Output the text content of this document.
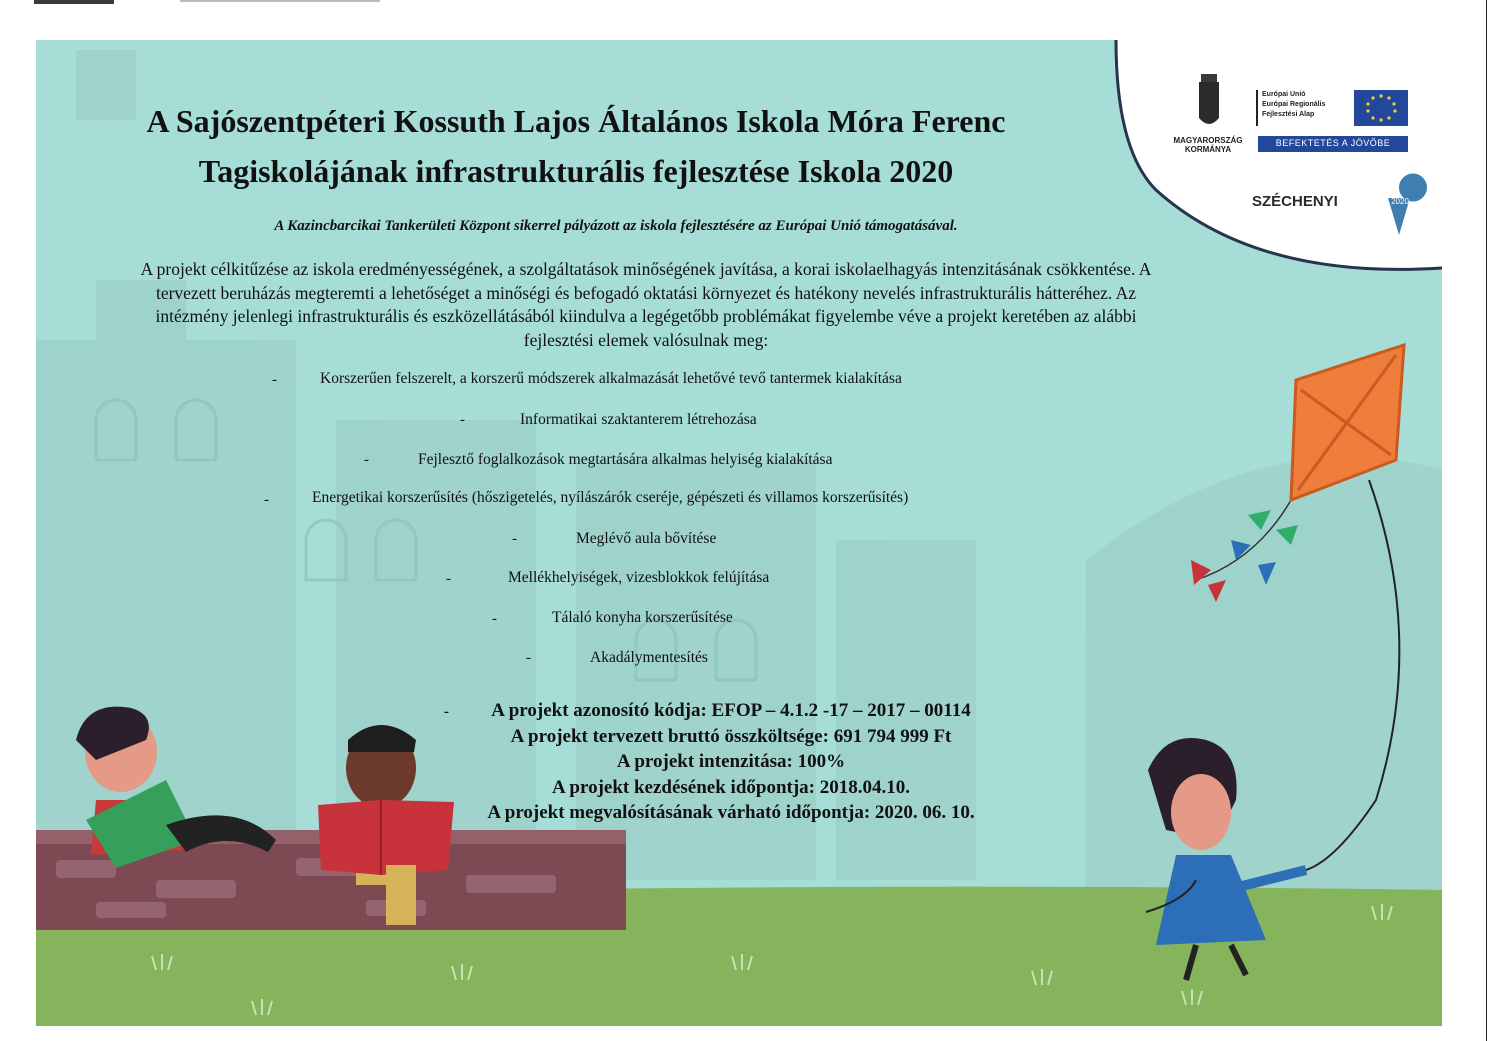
A Sajószentpéteri Kossuth Lajos Általános Iskola Móra Ferenc
Tagiskolájának infrastrukturális fejlesztése Iskola 2020
A Kazincbarcikai Tankerületi Központ sikerrel pályázott az iskola fejlesztésére az Európai Unió támogatásával.
A projekt célkitűzése az iskola eredményességének, a szolgáltatások minőségének javítása, a korai iskolaelhagyás intenzitásának csökkentése. A
tervezett beruházás megteremti a lehetőséget a minőségi és befogadó oktatási környezet és hatékony nevelés infrastrukturális hátteréhez. Az
intézmény jelenlegi infrastrukturális és eszközellátásából kiindulva a legégetőbb problémákat figyelembe véve a projekt keretében az alábbi
fejlesztési elemek valósulnak meg:
-	Korszerűen felszerelt, a korszerű módszerek alkalmazását lehetővé tevő tantermek kialakítása
-	Informatikai szaktanterem létrehozása
-	Fejlesztő foglalkozások megtartására alkalmas helyiség kialakítása
-	Energetikai korszerűsítés (hőszigetelés, nyílászárók cseréje, gépészeti és villamos korszerűsítés)
-	Meglévő aula bővítése
-	Mellékhelyiségek, vizesblokkok felújítása
-	Tálaló konyha korszerűsítése
-	Akadálymentesítés
-	A projekt azonosító kódja: EFOP – 4.1.2 -17 – 2017 – 00114
A projekt tervezett bruttó összköltsége: 691 794 999 Ft
A projekt intenzitása: 100%
A projekt kezdésének időpontja: 2018.04.10.
A projekt megvalósításának várható időpontja: 2020. 06. 10.
MAGYARORSZÁG
KORMÁNYA
Európai Unió
Európai Regionális
Fejlesztési Alap
BEFEKTETÉS A JÖVŐBE
SZÉCHENYI	2020
